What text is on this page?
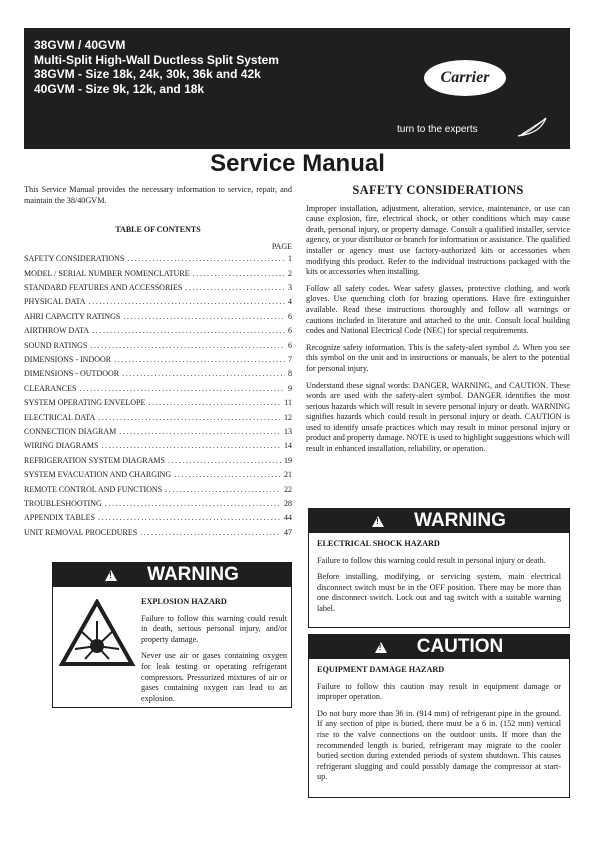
38GVM / 40GVM
Multi-Split High-Wall Ductless Split System
38GVM - Size 18k, 24k, 30k, 36k and 42k
40GVM - Size 9k, 12k, and 18k
Carrier
turn to the experts
Service Manual

This Service Manual provides the necessary information to service, repair, and maintain the 38/40GVM.

TABLE OF CONTENTS
PAGE
SAFETY CONSIDERATIONS .....	1
MODEL / SERIAL NUMBER NOMENCLATURE .....	2
STANDARD FEATURES AND ACCESSORIES .....	3
PHYSICAL DATA .....	4
AHRI CAPACITY RATINGS .....	6
AIRTHROW DATA .....	6
SOUND RATINGS .....	6
DIMENSIONS - INDOOR .....	7
DIMENSIONS - OUTDOOR .....	8
CLEARANCES .....	9
SYSTEM OPERATING ENVELOPE .....	11
ELECTRICAL DATA .....	12
CONNECTION DIAGRAM .....	13
WIRING DIAGRAMS .....	14
REFRIGERATION SYSTEM DIAGRAMS .....	19
SYSTEM EVACUATION AND CHARGING .....	21
REMOTE CONTROL AND FUNCTIONS .....	22
TROUBLESHOOTING .....	28
APPENDIX TABLES .....	44
UNIT REMOVAL PROCEDURES .....	47
!
WARNING
EXPLOSION HAZARD

Failure to follow this warning could result in death, serious personal injury, and/or property damage.

Never use air or gases containing oxygen for leak testing or operating refrigerant compressors. Pressurized mixtures of air or gases containing oxygen can lead to an explosion.

SAFETY CONSIDERATIONS

Improper installation, adjustment, alteration, service, maintenance, or use can cause explosion, fire, electrical shock, or other conditions which may cause death, personal injury, or property damage. Consult a qualified installer, service agency, or your distributor or branch for information or assistance. The qualified installer or agency must use factory-authorized kits or accessories when modifying this product. Refer to the individual instructions packaged with the kits or accessories when installing.

Follow all safety codes. Wear safety glasses, protective clothing, and work gloves. Use quenching cloth for brazing operations. Have fire extinguisher available. Read these instructions thoroughly and follow all warnings or cautions included in literature and attached to the unit. Consult local building codes and National Electrical Code (NEC) for special requirements.

Recognize safety information. This is the safety-alert symbol ⚠ When you see this symbol on the unit and in instructions or manuals, be alert to the potential for personal injury.

Understand these signal words: DANGER, WARNING, and CAUTION. These words are used with the safety-alert symbol. DANGER identifies the most serious hazards which will result in severe personal injury or death. WARNING signifies hazards which could result in personal injury or death. CAUTION is used to identify unsafe practices which may result in minor personal injury or product and property damage. NOTE is used to highlight suggestions which will result in enhanced installation, reliability, or operation.

!
WARNING
ELECTRICAL SHOCK HAZARD

Failure to follow this warning could result in personal injury or death.

Before installing, modifying, or servicing system, main electrical disconnect switch must be in the OFF position. There may be more than one disconnect switch. Lock out and tag switch with a suitable warning label.

!
CAUTION
EQUIPMENT DAMAGE HAZARD

Failure to follow this caution may result in equipment damage or improper operation.

Do not bury more than 36 in. (914 mm) of refrigerant pipe in the ground. If any section of pipe is buried, there must be a 6 in. (152 mm) vertical rise to the valve connections on the outdoor units. If more than the recommended length is buried, refrigerant may migrate to the cooler buried section during extended periods of system shutdown. This causes refrigerant slugging and could possibly damage the compressor at start-up.
